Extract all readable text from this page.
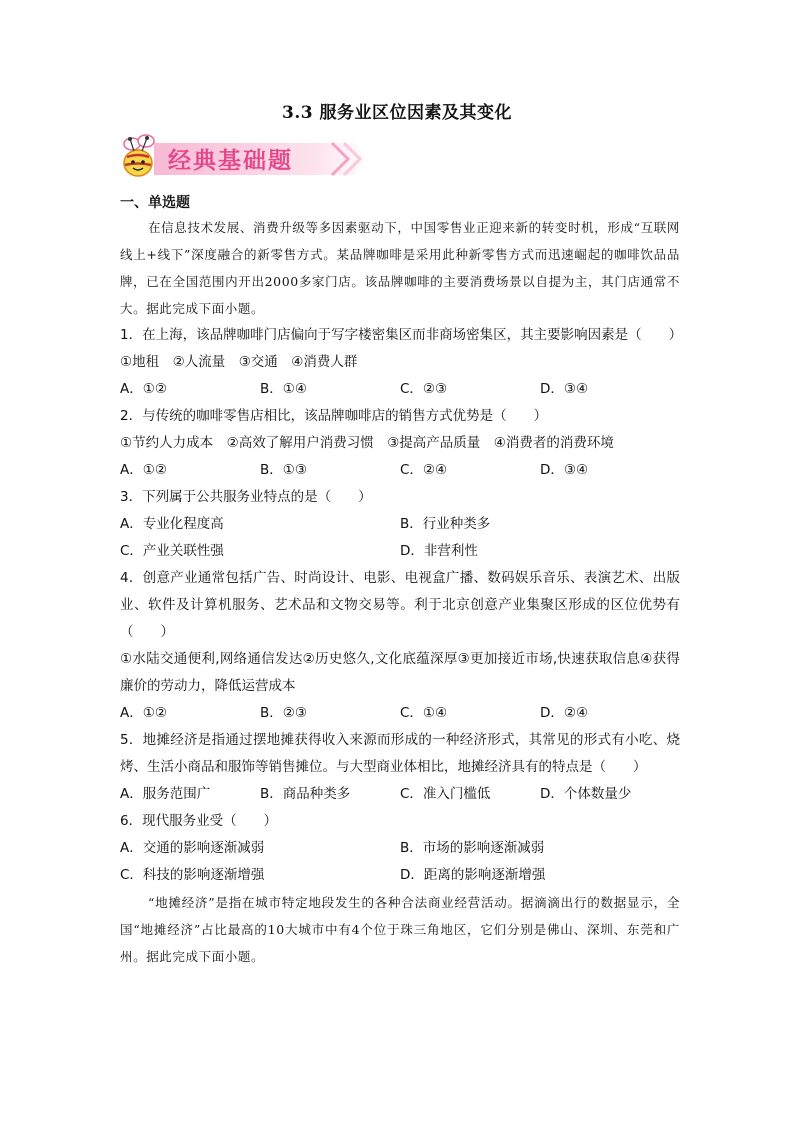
3.3 服务业区位因素及其变化
经典基础题
一、单选题
在信息技术发展、消费升级等多因素驱动下，中国零售业正迎来新的转变时机，形成“互联网线上+线下”深度融合的新零售方式。某品牌咖啡是采用此种新零售方式而迅速崛起的咖啡饮品品牌，已在全国范围内开出2000多家门店。该品牌咖啡的主要消费场景以自提为主，其门店通常不大。据此完成下面小题。
1．在上海，该品牌咖啡门店偏向于写字楼密集区而非商场密集区，其主要影响因素是（　　）
①地租　②人流量　③交通　④消费人群
A．①②	B．①④	C．②③	D．③④
2．与传统的咖啡零售店相比，该品牌咖啡店的销售方式优势是（　　）
①节约人力成本　②高效了解用户消费习惯　③提高产品质量　④消费者的消费环境
A．①②	B．①③	C．②④	D．③④
3．下列属于公共服务业特点的是（　　）
A．专业化程度高	B．行业种类多
C．产业关联性强	D．非营利性
4．创意产业通常包括广告、时尚设计、电影、电视盒广播、数码娱乐音乐、表演艺术、出版业、软件及计算机服务、艺术品和文物交易等。利于北京创意产业集聚区形成的区位优势有（　　）
①水陆交通便利,网络通信发达②历史悠久,文化底蕴深厚③更加接近市场,快速获取信息④获得廉价的劳动力，降低运营成本
A．①②	B．②③	C．①④	D．②④
5．地摊经济是指通过摆地摊获得收入来源而形成的一种经济形式，其常见的形式有小吃、烧烤、生活小商品和服饰等销售摊位。与大型商业体相比，地摊经济具有的特点是（　　）
A．服务范围广	B．商品种类多	C．准入门槛低	D．个体数量少
6．现代服务业受（　　）
A．交通的影响逐渐减弱	B．市场的影响逐渐减弱
C．科技的影响逐渐增强	D．距离的影响逐渐增强
“地摊经济”是指在城市特定地段发生的各种合法商业经营活动。据滴滴出行的数据显示，全国“地摊经济”占比最高的10大城市中有4个位于珠三角地区，它们分别是佛山、深圳、东莞和广州。据此完成下面小题。
